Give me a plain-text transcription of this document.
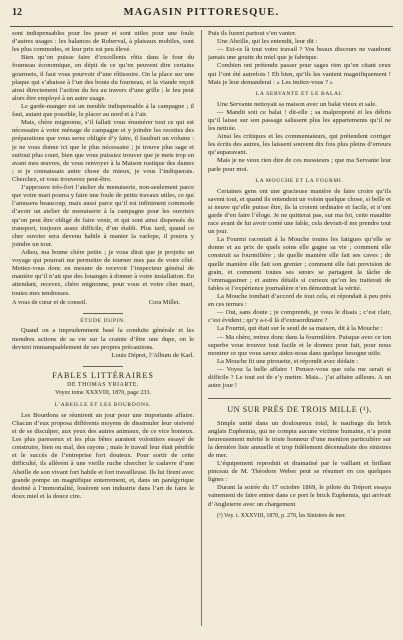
12	MAGASIN PITTORESQUE.

sont indispensables pour les peser et sont utiles pour une foule d’autres usages : les balances de Roberval, à plateaux mobiles, sont les plus commodes, et leur prix est peu élevé.

Bien qu’on puisse faire d’excellents rôtis dans le four du fourneau économique, en dépit de ce qu’en peuvent dire certains gourmets, il faut vous pourvoir d’une rôtissoire. On la place sur une plaque qui s’abaisse à l’un des bouts du fourneau, et la viande reçoit ainsi directement l’action du feu au travers d’une grille ; le feu peut alors être employé à un autre usage.

Le garde-manger est un meuble indispensable à la campagne ; il faut, autant que possible, le placer au nord et à l’air.

Mais, chère mignonne, s’il fallait vous énumérer tout ce qui est nécessaire à votre ménage de campagne et y joindre les recettes des préparations que vous serez obligée d’y faire, il faudrait un volume : je ne vous donne ici que le plus nécessaire ; je trouve plus sage et surtout plus court, bien que vous puissiez trouver que je mets trop en avant mes œuvres, de vous renvoyer à la Maison rustique des dames ; si je connaissais autre chose de mieux, je vous l’indiquerais. Cherchez, et vous trouverez peut-être.

J’approuve très-fort l’atelier de menuiserie, non-seulement parce que votre mari pourra y faire une foule de petits travaux utiles, ce qui l’amusera beaucoup, mais aussi parce qu’il est infiniment commode d’avoir un atelier de menuiserie à la campagne pour les ouvriers qu’on peut être obligé de faire venir, et qui sont ainsi dispensés du transport, toujours assez difficile, d’un établi. Plus tard, quand ce cher ouvrier sera devenu habile à manier la varlope, il pourra y joindre un tour.

Adieu, ma bonne chère petite ; je vous dirai que je projette un voyage qui pourrait me permettre de tourner mes pas de votre côté. Mettez-vous donc en mesure de recevoir l’inspecteur général de manière qu’il n’ait que des louanges à donner à votre installation. En attendant, recevez, chère mignonne, pour vous et votre cher mari, toutes mes tendresses.

A vous de cœur et de conseil.	Cora Millet.
ÉTUDE DUPIN.

Quand on a imprudemment basé la conduite générale et les mondres actions de sa vie sur la crainte d’être une dupe, on le devient immanquablement de ses propres précautions.

Louis Dépret, l’Album de Karl.

FABLES LITTÉRAIRES
DE THOMAS YRIARTE.
Voyez tome XXXVIII, 1870, page 233.
L’ABEILLE ET LES BOURDONS.

Les Bourdons se réunirent un jour pour une importante affaire. Chacun d’eux proposa différents moyens de dissimuler leur oisiveté et de se disculper, aux yeux des autres animaux, de ce vice honteux. Les plus paresseux et les plus bêtes auraient volontiers essayé de construire, bien ou mal, des rayons ; mais le travail leur était pénible et le succès de l’entreprise fort douteux. Pour sortir de cette difficulté, ils allèrent à une vieille ruche chercher le cadavre d’une Abeille de son vivant fort habile et fort travailleuse. Ils lui firent avec grande pompe un magnifique enterrement, et, dans un panégyrique destiné à l’immortalité, louèrent son industrie dans l’art de faire le doux miel et la douce cire.

Puis ils furent partout s’en vanter.

Une Abeille, qui les entendit, leur dit :

— Est-ce là tout votre travail ? Vos beaux discours ne vaudront jamais une goutte du miel que je fabrique.

Combien ont prétendu passer pour sages rien qu’en citant ceux qui l’ont été autrefois ! Eh bien, qu’ils les vantent magnifiquement ! Mais je leur demanderai : « Les imitez-vous ? »

LA SERVANTE ET LE BALAI.

Une Servante nettoyait sa maison avec un balai vieux et sale.

— Mandit soit ce balai ! dit-elle ; sa malpropreté et les débris qu’il laisse sur son passage salissent plus les appartements qu’il ne les nettoie.

Ainsi les critiques et les commentateurs, qui prétendent corriger les écrits des autres, les laissent souvent dix fois plus pleins d’erreurs qu’auparavant.

Mais je ne veux rien dire de ces messieurs ; que ma Servante leur parle pour moi.

LA MOUCHE ET LA FOURMI.

Certaines gens ont une gracieuse manière de faire croire qu’ils savent tout, et quand ils entendent un voisin quelque chose, si belle et si neuve qu’elle puisse être, ils la croient ordinaire et facile, et n’ont garde d’en faire l’éloge. Je ne quitterai pas, sur ma foi, cette maudite race avant de lui avoir conté une fable, cela devrait-il me prendre tout un jour.

La Fourmi racontait à la Mouche toutes les fatigues qu’elle se donne et au prix de quels soins elle gagne sa vie ; comment elle construit sa fourmilière ; de quelle manière elle fait ses caves ; de quelle manière elle fait son grenier ; comment elle fait provision de grain, et comment toutes ses sœurs se partagent la tâche de l’emmagasiner ; et autres détails si curieux qu’on les traiterait de fables si l’expérience journalière n’en démontrait la vérité.

La Mouche tombait d’accord de tout cela, et répondait à peu près en ces termes :

— Oui, sans doute ; je comprends, je vous le disais ; c’est clair, c’est évident ; qu’y a-t-il là d’extraordinaire ?

La Fourmi, qui était sur le seuil de sa maison, dit à la Mouche :

— Ma chère, entrez donc dans la fourmilière. Puisque avec ce ton superbe vous trouvez tout facile et le donnez pour fait, pour nous montrer ce que vous savez aidez-nous dans quelque besogne utile.

La Mouche fit une pirouette, et répondit avec dédain :

— Voyez la belle affaire ! Pensez-vous que cela me serait si difficile ? Le tout est de s’y mettre. Mais... j’ai affaire ailleurs. A un autre jour !

UN SUR PRÈS DE TROIS MILLE (¹).

Simple unité dans un douloureux total, le naufrage du brick anglais Euphemia, qui ne compta aucune victime humaine, n’a point heureusement mérité le triste honneur d’une mention particulière sur la dernière liste annuelle et trop fidèlement décennaliste des sinistres de mer.

L’équipement reproduit et dramatisé par le vaillant et brillant pinceau de M. Théodore Weber peut se résumer en ces quelques lignes :

Durant la soirée du 17 octobre 1869, le pilote du Tréport essaya vainement de faire entrer dans ce port le brick Euphemia, qui arrivait d’Angleterre avec un chargement

(¹) Voy. t. XXXVIII, 1870, p. 270, les Sinistres de mer.
